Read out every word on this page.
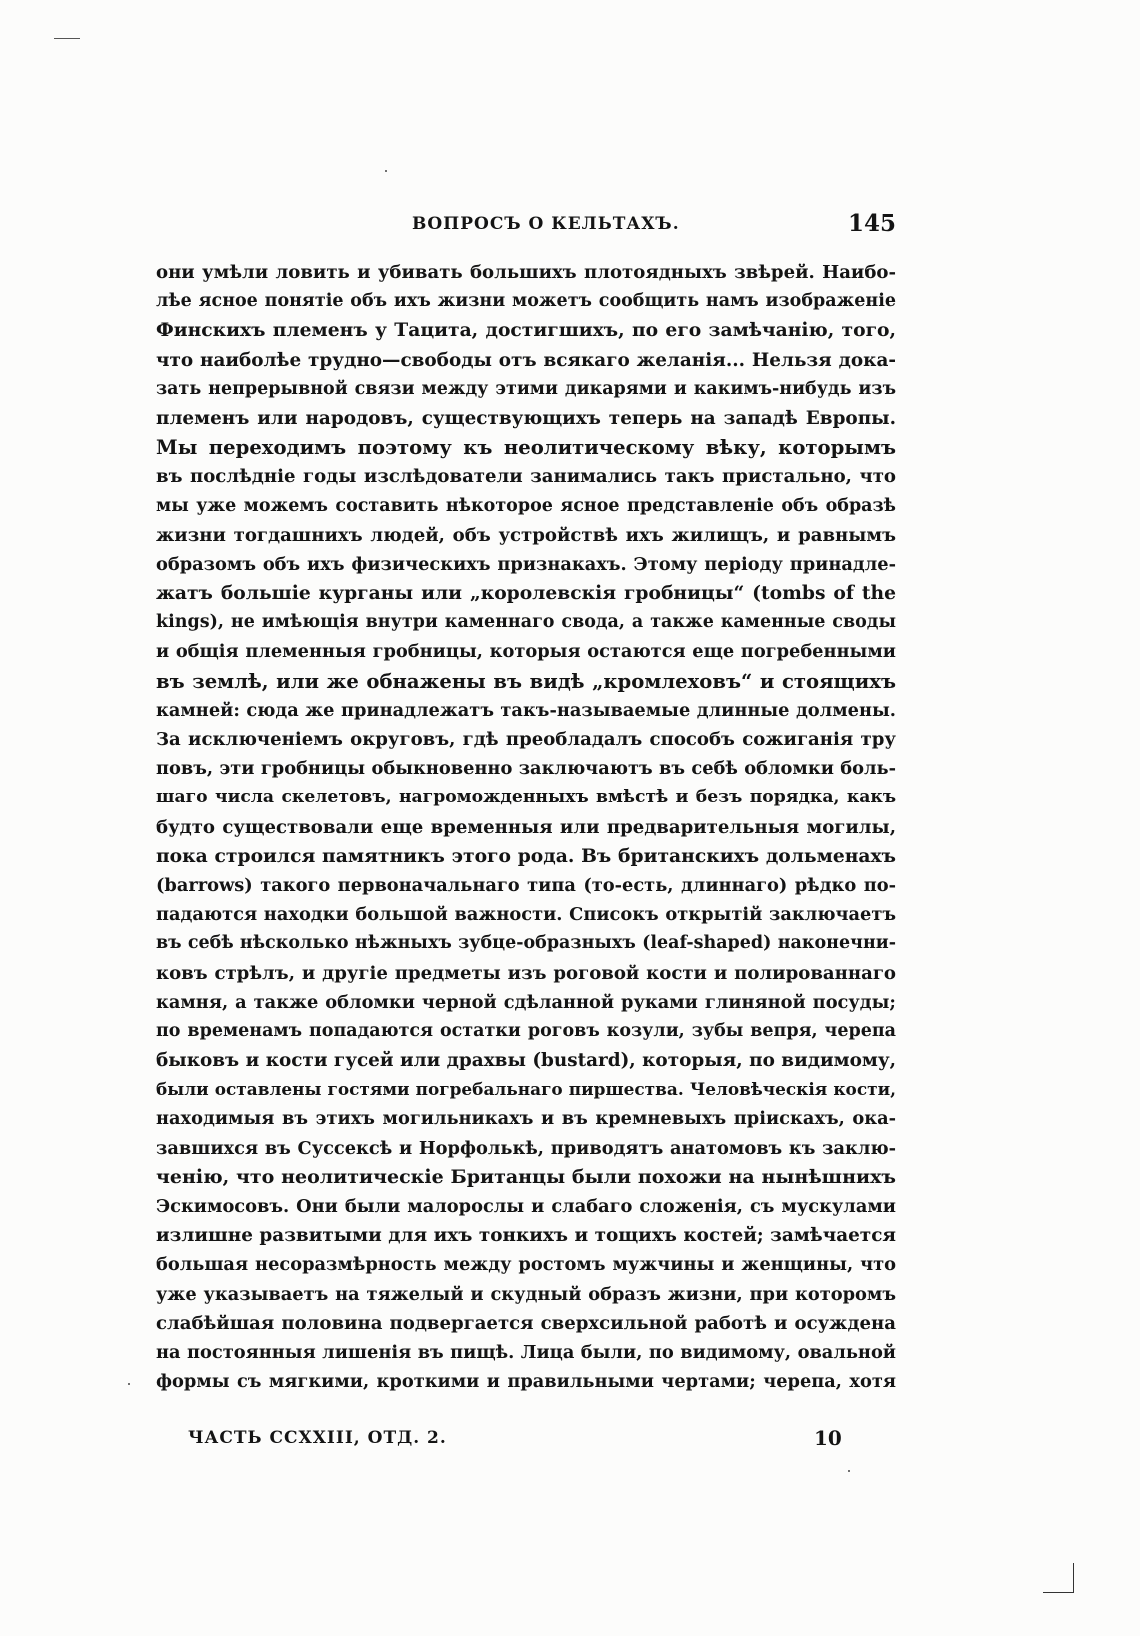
ВОПРОСЪ О КЕЛЬТАХЪ.	145
они умѣли ловить и убивать большихъ плотоядныхъ звѣрей. Наибо-
лѣе ясное понятіе объ ихъ жизни можетъ сообщить намъ изображеніе
Финскихъ племенъ у Тацита, достигшихъ, по его замѣчанію, того,
что наиболѣе трудно—свободы отъ всякаго желанія... Нельзя дока-
зать непрерывной связи между этими дикарями и какимъ-нибудь изъ
племенъ или народовъ, существующихъ теперь на западѣ Европы.
Мы переходимъ поэтому къ неолитическому вѣку, которымъ
въ послѣдніе годы изслѣдователи занимались такъ пристально, что
мы уже можемъ составить нѣкоторое ясное представленіе объ образѣ
жизни тогдашнихъ людей, объ устройствѣ ихъ жилищъ, и равнымъ
образомъ объ ихъ физическихъ признакахъ. Этому періоду принадле-
жатъ большіе курганы или „королевскія гробницы“ (tombs of the
kings), не имѣющія внутри каменнаго свода, а также каменные своды
и общія племенныя гробницы, которыя остаются еще погребенными
въ землѣ, или же обнажены въ видѣ „кромлеховъ“ и стоящихъ
камней: сюда же принадлежатъ такъ-называемые длинные долмены.
За исключеніемъ округовъ, гдѣ преобладалъ способъ сожиганія тру
повъ, эти гробницы обыкновенно заключаютъ въ себѣ обломки боль-
шаго числа скелетовъ, нагроможденныхъ вмѣстѣ и безъ порядка, какъ
будто существовали еще временныя или предварительныя могилы,
пока строился памятникъ этого рода. Въ британскихъ дольменахъ
(barrows) такого первоначальнаго типа (то-есть, длиннаго) рѣдко по-
падаются находки большой важности. Списокъ открытій заключаетъ
въ себѣ нѣсколько нѣжныхъ зубце-образныхъ (leaf-shaped) наконечни-
ковъ стрѣлъ, и другіе предметы изъ роговой кости и полированнаго
камня, а также обломки черной сдѣланной руками глиняной посуды;
по временамъ попадаются остатки роговъ козули, зубы вепря, черепа
быковъ и кости гусей или драхвы (bustard), которыя, по видимому,
были оставлены гостями погребальнаго пиршества. Человѣческія кости,
находимыя въ этихъ могильникахъ и въ кремневыхъ пріискахъ, ока-
завшихся въ Суссексѣ и Норфолькѣ, приводятъ анатомовъ къ заклю-
ченію, что неолитическіе Британцы были похожи на нынѣшнихъ
Эскимосовъ. Они были малорослы и слабаго сложенія, съ мускулами
излишне развитыми для ихъ тонкихъ и тощихъ костей; замѣчается
большая несоразмѣрность между ростомъ мужчины и женщины, что
уже указываетъ на тяжелый и скудный образъ жизни, при которомъ
слабѣйшая половина подвергается сверхсильной работѣ и осуждена
на постоянныя лишенія въ пищѣ. Лица были, по видимому, овальной
формы съ мягкими, кроткими и правильными чертами; черепа, хотя
ЧАСТЬ CCXXIII, ОТД. 2.	10
